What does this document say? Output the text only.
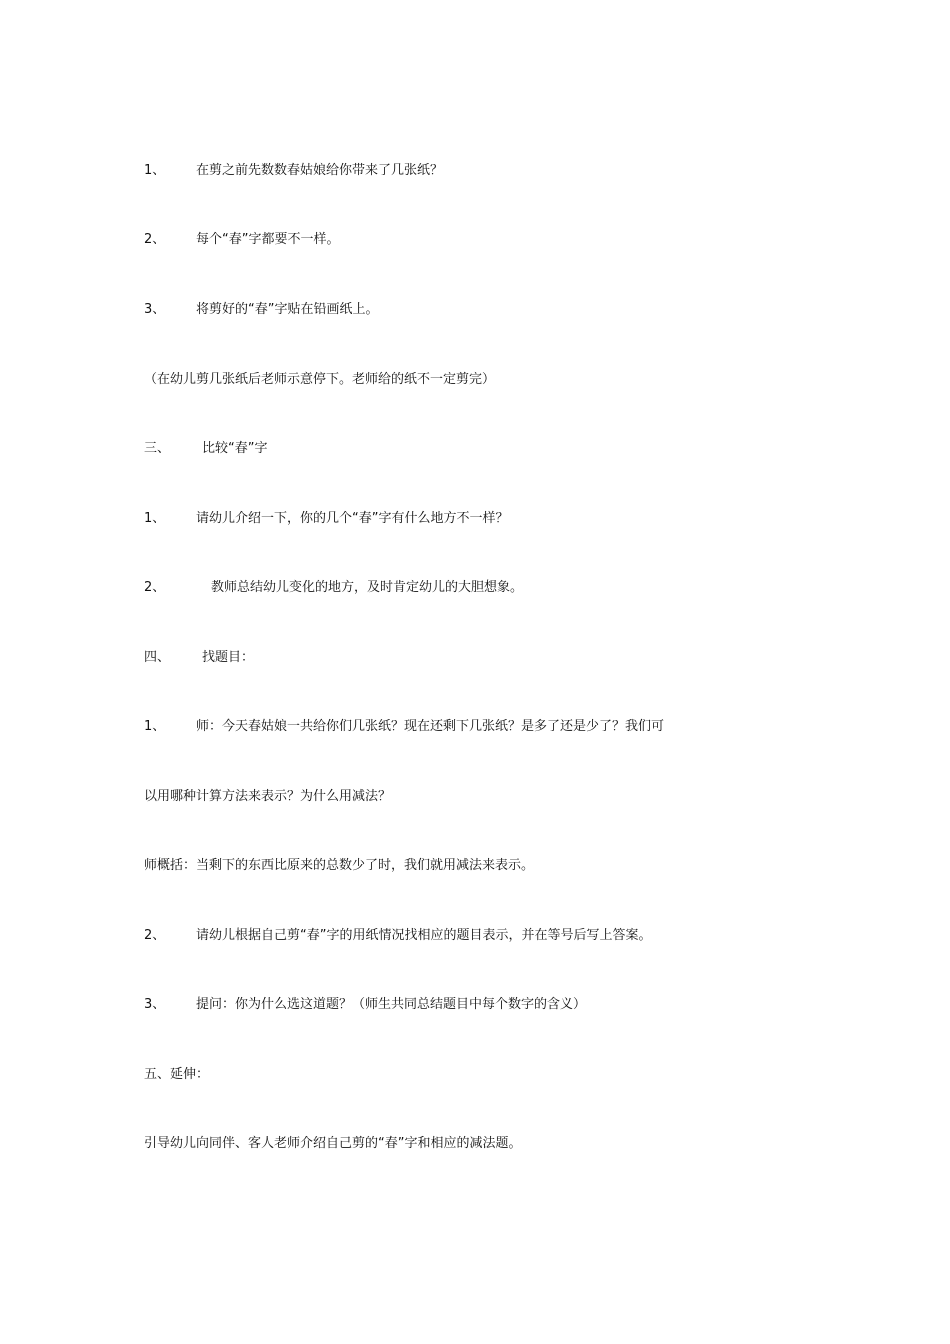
1、 在剪之前先数数春姑娘给你带来了几张纸？
2、 每个“春”字都要不一样。
3、 将剪好的“春”字贴在铅画纸上。
（在幼儿剪几张纸后老师示意停下。老师给的纸不一定剪完）
三、 比较“春”字
1、 请幼儿介绍一下，你的几个“春”字有什么地方不一样？
2、	教师总结幼儿变化的地方，及时肯定幼儿的大胆想象。
四、 找题目：
1、 师：今天春姑娘一共给你们几张纸？现在还剩下几张纸？是多了还是少了？我们可
以用哪种计算方法来表示？为什么用减法？
师概括：当剩下的东西比原来的总数少了时，我们就用减法来表示。
2、 请幼儿根据自己剪“春”字的用纸情况找相应的题目表示，并在等号后写上答案。
3、 提问：你为什么选这道题？（师生共同总结题目中每个数字的含义）
五、延伸：
引导幼儿向同伴、客人老师介绍自己剪的“春”字和相应的减法题。
